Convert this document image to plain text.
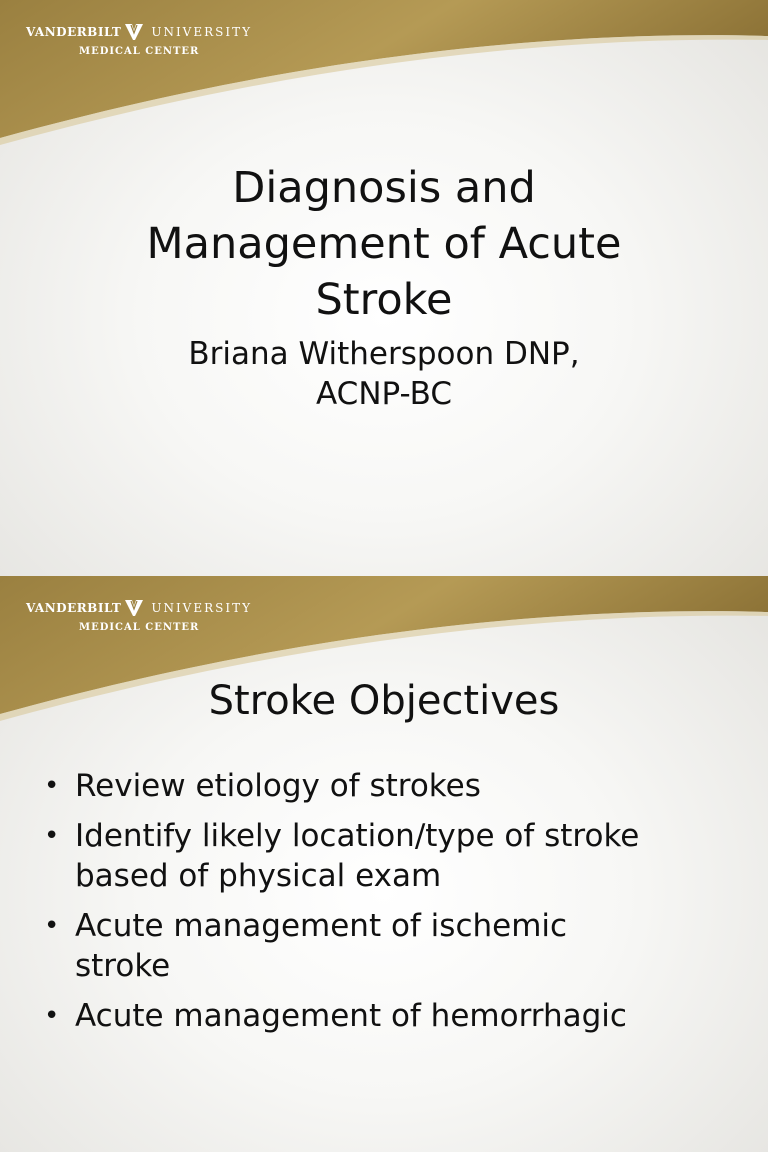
VANDERBILT	UNIVERSITY
MEDICAL CENTER
Diagnosis and
Management of Acute
Stroke
Briana Witherspoon DNP,
ACNP-BC
VANDERBILT	UNIVERSITY
MEDICAL CENTER
Stroke Objectives
• Review etiology of strokes
• Identify likely location/type of stroke
based of physical exam
• Acute management of ischemic
stroke
• Acute management of hemorrhagic
